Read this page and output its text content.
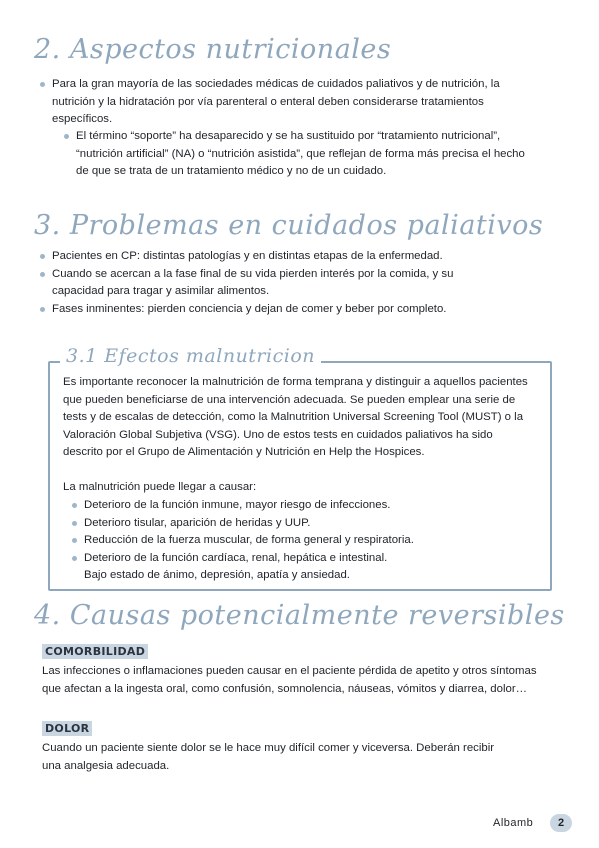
2. Aspectos nutricionales
Para la gran mayoría de las sociedades médicas de cuidados paliativos y de nutrición, la nutrición y la hidratación por vía parenteral o enteral deben considerarse tratamientos específicos.
El término “soporte” ha desaparecido y se ha sustituido por “tratamiento nutricional”, “nutrición artificial” (NA) o “nutrición asistida”, que reflejan de forma más precisa el hecho de que se trata de un tratamiento médico y no de un cuidado.
3. Problemas en cuidados paliativos
Pacientes en CP: distintas patologías y en distintas etapas de la enfermedad.
Cuando se acercan a la fase final de su vida pierden interés por la comida, y su capacidad para tragar y asimilar alimentos.
Fases inminentes: pierden conciencia y dejan de comer y beber por completo.
3.1 Efectos malnutricion

Es importante reconocer la malnutrición de forma temprana y distinguir a aquellos pacientes que pueden beneficiarse de una intervención adecuada. Se pueden emplear una serie de tests y de escalas de detección, como la Malnutrition Universal Screening Tool (MUST) o la Valoración Global Subjetiva (VSG). Uno de estos tests en cuidados paliativos ha sido descrito por el Grupo de Alimentación y Nutrición en Help the Hospices.

La malnutrición puede llegar a causar:

Deterioro de la función inmune, mayor riesgo de infecciones.
Deterioro tisular, aparición de heridas y UUP.
Reducción de la fuerza muscular, de forma general y respiratoria.
Deterioro de la función cardíaca, renal, hepática e intestinal.

Bajo estado de ánimo, depresión, apatía y ansiedad.

4. Causas potencialmente reversibles
COMORBILIDAD

Las infecciones o inflamaciones pueden causar en el paciente pérdida de apetito y otros síntomas que afectan a la ingesta oral, como confusión, somnolencia, náuseas, vómitos y diarrea, dolor…

DOLOR

Cuando un paciente siente dolor se le hace muy difícil comer y viceversa. Deberán recibir una analgesia adecuada.

Albamb	2
